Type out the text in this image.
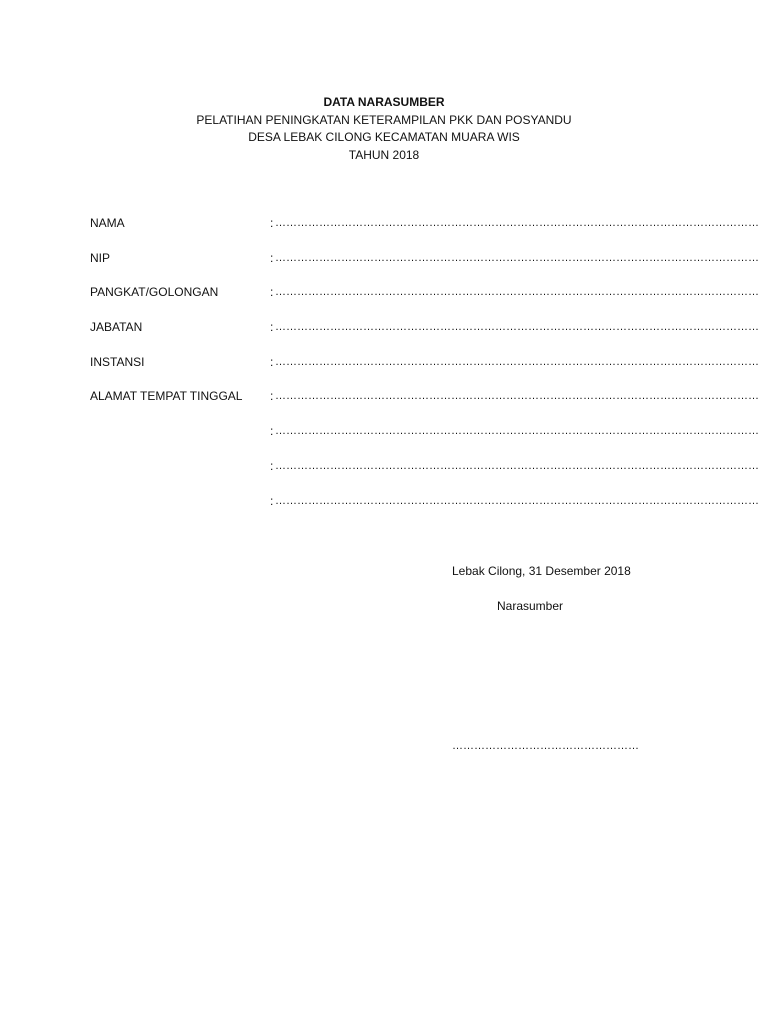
DATA NARASUMBER
PELATIHAN PENINGKATAN KETERAMPILAN PKK DAN POSYANDU
DESA LEBAK CILONG KECAMATAN MUARA WIS
TAHUN 2018
NAMA	: ……………………………………………………………………………………………………………………
NIP	: ……………………………………………………………………………………………………………………
PANGKAT/GOLONGAN	: ……………………………………………………………………………………………………………………
JABATAN	: ……………………………………………………………………………………………………………………
INSTANSI	: ……………………………………………………………………………………………………………………
ALAMAT TEMPAT TINGGAL : ……………………………………………………………………………………………………………………
: ……………………………………………………………………………………………………………………
: ……………………………………………………………………………………………………………………
: ……………………………………………………………………………………………………………………
Lebak Cilong, 31 Desember 2018
Narasumber
……………………………………………
